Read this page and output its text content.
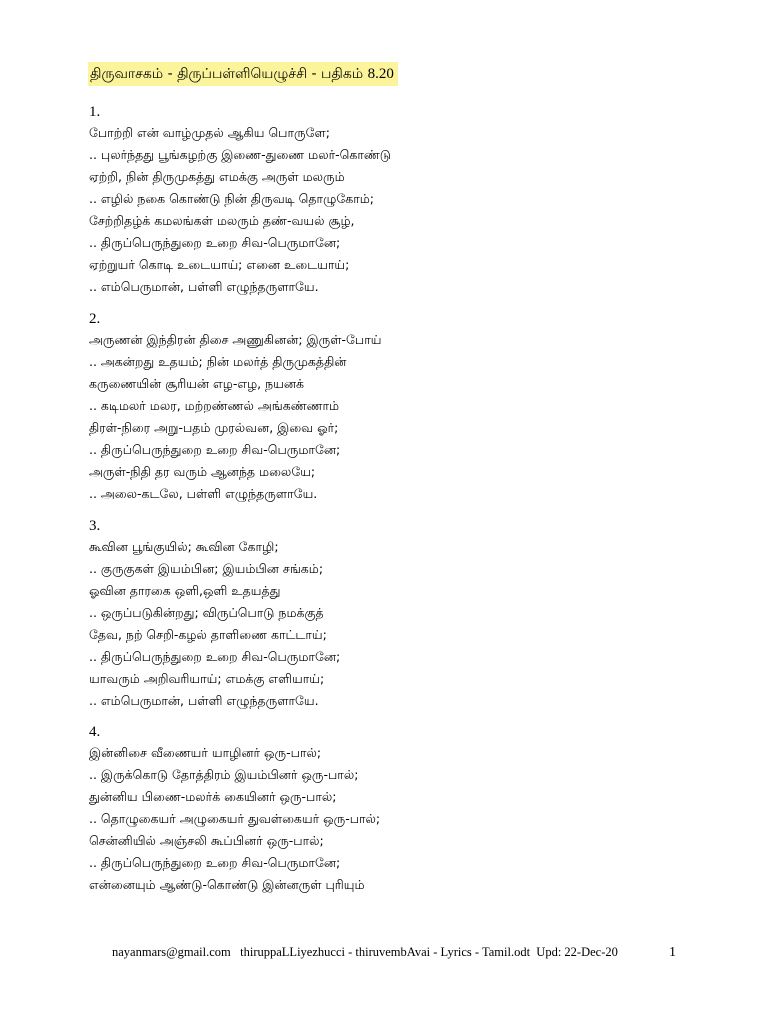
திருவாசகம் - திருப்பள்ளியெழுச்சி - பதிகம் 8.20
1.
போற்றி என் வாழ்முதல் ஆகிய பொருளே;
.. புலர்ந்தது பூங்கழற்கு இணை-துணை மலர்-கொண்டு
ஏற்றி, நின் திருமுகத்து எமக்கு அருள் மலரும்
.. எழில் நகை கொண்டு நின் திருவடி தொழுகோம்;
சேற்றிதழ்க் கமலங்கள் மலரும் தண்-வயல் சூழ்,
.. திருப்பெருந்துறை உறை சிவ-பெருமானே;
ஏற்றுயர் கொடி உடையாய்; எனை உடையாய்;
.. எம்பெருமான், பள்ளி எழுந்தருளாயே.
2.
அருணன் இந்திரன் திசை அணுகினன்; இருள்-போய்
.. அகன்றது உதயம்; நின் மலர்த் திருமுகத்தின்
கருணையின் சூரியன் எழ-எழ, நயனக்
.. கடிமலர் மலர, மற்றண்ணல் அங்கண்ணாம்
திரள்-நிரை அறு-பதம் முரல்வன, இவை ஓர்;
.. திருப்பெருந்துறை உறை சிவ-பெருமானே;
அருள்-நிதி தர வரும் ஆனந்த மலையே;
.. அலை-கடலே, பள்ளி எழுந்தருளாயே.
3.
கூவின பூங்குயில்; கூவின கோழி;
.. குருகுகள் இயம்பின; இயம்பின சங்கம்;
ஓவின தாரகை ஒளி,ஒளி உதயத்து
.. ஒருப்படுகின்றது; விருப்பொடு நமக்குத்
தேவ, நற் செறி-கழல் தாளிணை காட்டாய்;
.. திருப்பெருந்துறை உறை சிவ-பெருமானே;
யாவரும் அறிவரியாய்; எமக்கு எளியாய்;
.. எம்பெருமான், பள்ளி எழுந்தருளாயே.
4.
இன்னிசை வீணையர் யாழினர் ஒரு-பால்;
.. இருக்கொடு தோத்திரம் இயம்பினர் ஒரு-பால்;
துன்னிய பிணை-மலர்க் கையினர் ஒரு-பால்;
.. தொழுகையர் அழுகையர் துவள்கையர் ஒரு-பால்;
சென்னியில் அஞ்சலி கூப்பினர் ஒரு-பால்;
.. திருப்பெருந்துறை உறை சிவ-பெருமானே;
என்னையும் ஆண்டு-கொண்டு இன்னருள் புரியும்
nayanmars@gmail.com   thiruppaLLiyezhucci - thiruvembAvai - Lyrics - Tamil.odt  Upd: 22-Dec-20	1
